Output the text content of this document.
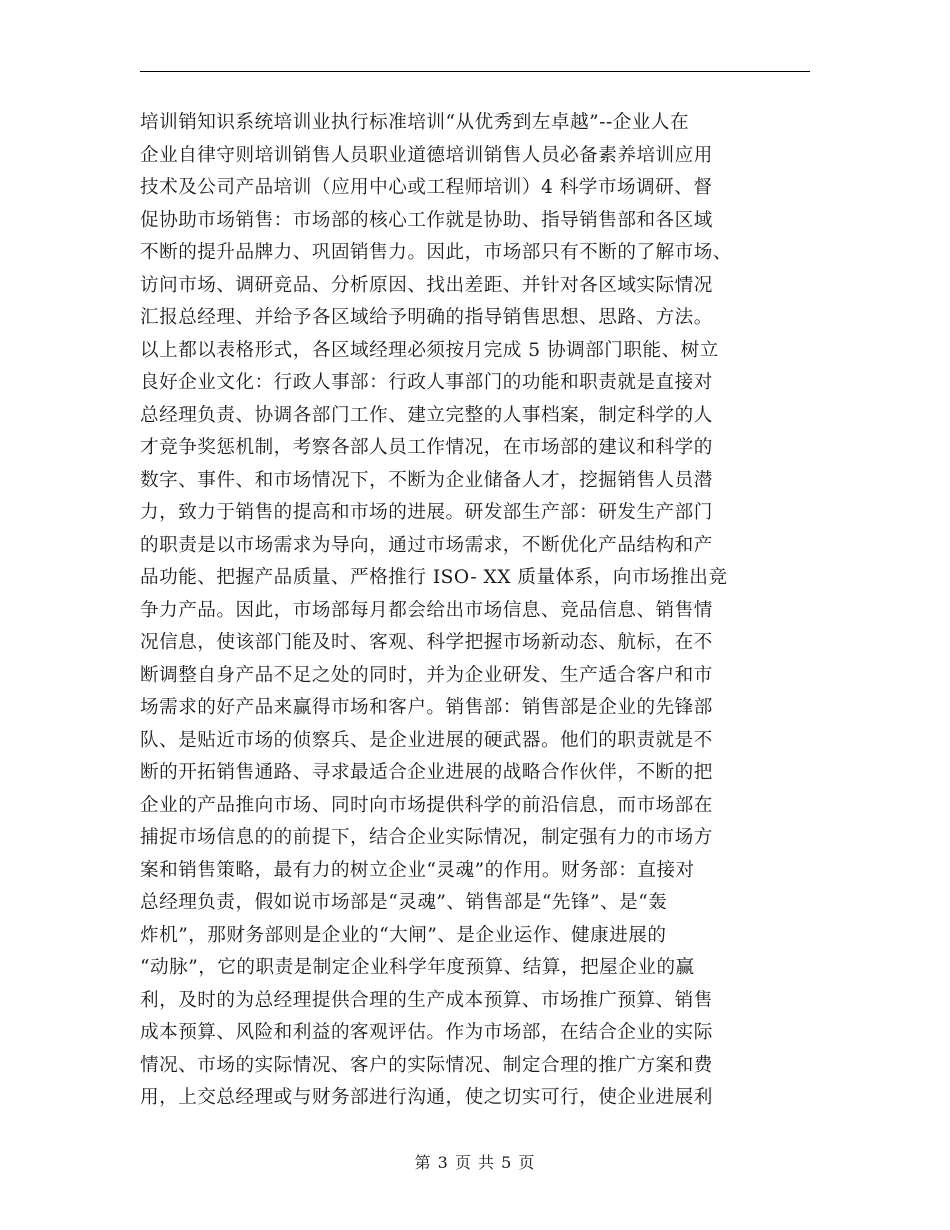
培训销知识系统培训业执行标准培训“从优秀到左卓越”--企业人在
企业自律守则培训销售人员职业道德培训销售人员必备素养培训应用
技术及公司产品培训（应用中心或工程师培训）4 科学市场调研、督
促协助市场销售：市场部的核心工作就是协助、指导销售部和各区域
不断的提升品牌力、巩固销售力。因此，市场部只有不断的了解市场、
访问市场、调研竞品、分析原因、找出差距、并针对各区域实际情况
汇报总经理、并给予各区域给予明确的指导销售思想、思路、方法。
以上都以表格形式，各区域经理必须按月完成 5 协调部门职能、树立
良好企业文化：行政人事部：行政人事部门的功能和职责就是直接对
总经理负责、协调各部门工作、建立完整的人事档案，制定科学的人
才竞争奖惩机制，考察各部人员工作情况，在市场部的建议和科学的
数字、事件、和市场情况下，不断为企业储备人才，挖掘销售人员潜
力，致力于销售的提高和市场的进展。研发部生产部：研发生产部门
的职责是以市场需求为导向，通过市场需求，不断优化产品结构和产
品功能、把握产品质量、严格推行 ISO- XX 质量体系，向市场推出竞
争力产品。因此，市场部每月都会给出市场信息、竞品信息、销售情
况信息，使该部门能及时、客观、科学把握市场新动态、航标，在不
断调整自身产品不足之处的同时，并为企业研发、生产适合客户和市
场需求的好产品来赢得市场和客户。销售部：销售部是企业的先锋部
队、是贴近市场的侦察兵、是企业进展的硬武器。他们的职责就是不
断的开拓销售通路、寻求最适合企业进展的战略合作伙伴，不断的把
企业的产品推向市场、同时向市场提供科学的前沿信息，而市场部在
捕捉市场信息的的前提下，结合企业实际情况，制定强有力的市场方
案和销售策略，最有力的树立企业“灵魂”的作用。财务部：直接对
总经理负责，假如说市场部是“灵魂”、销售部是“先锋”、是“轰
炸机”，那财务部则是企业的“大闸”、是企业运作、健康进展的
“动脉”，它的职责是制定企业科学年度预算、结算，把屋企业的赢
利，及时的为总经理提供合理的生产成本预算、市场推广预算、销售
成本预算、风险和利益的客观评估。作为市场部，在结合企业的实际
情况、市场的实际情况、客户的实际情况、制定合理的推广方案和费
用，上交总经理或与财务部进行沟通，使之切实可行，使企业进展利
第 3 页 共 5 页
